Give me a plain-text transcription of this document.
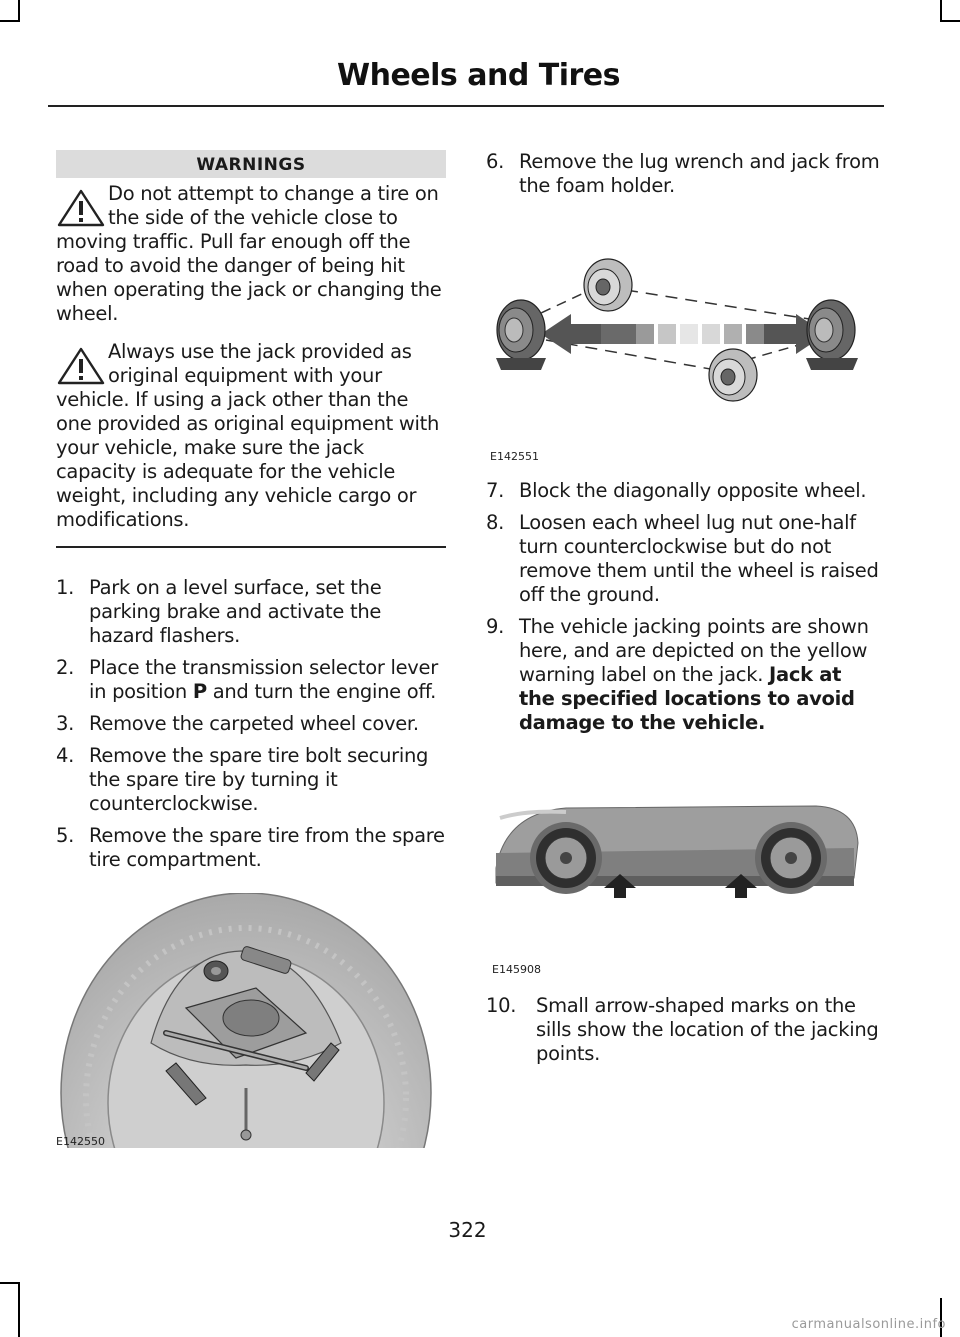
Wheels and Tires
WARNINGS

Do not attempt to change a tire on the side of the vehicle close to moving traffic. Pull far enough off the road to avoid the danger of being hit when operating the jack or changing the wheel.

Always use the jack provided as original equipment with your vehicle. If using a jack other than the one provided as original equipment with your vehicle, make sure the jack capacity is adequate for the vehicle weight, including any vehicle cargo or modifications.

1. Park on a level surface, set the parking brake and activate the hazard flashers.
2. Place the transmission selector lever in position P and turn the engine off.
3. Remove the carpeted wheel cover.
4. Remove the spare tire bolt securing the spare tire by turning it counterclockwise.
5. Remove the spare tire from the spare tire compartment.
E142550
6. Remove the lug wrench and jack from the foam holder.
E142551
7. Block the diagonally opposite wheel.
8. Loosen each wheel lug nut one-half turn counterclockwise but do not remove them until the wheel is raised off the ground.
9. The vehicle jacking points are shown here, and are depicted on the yellow warning label on the jack. Jack at the specified locations to avoid damage to the vehicle.
E145908
10. Small arrow-shaped marks on the sills show the location of the jacking points.
322
carmanualsonline.info
